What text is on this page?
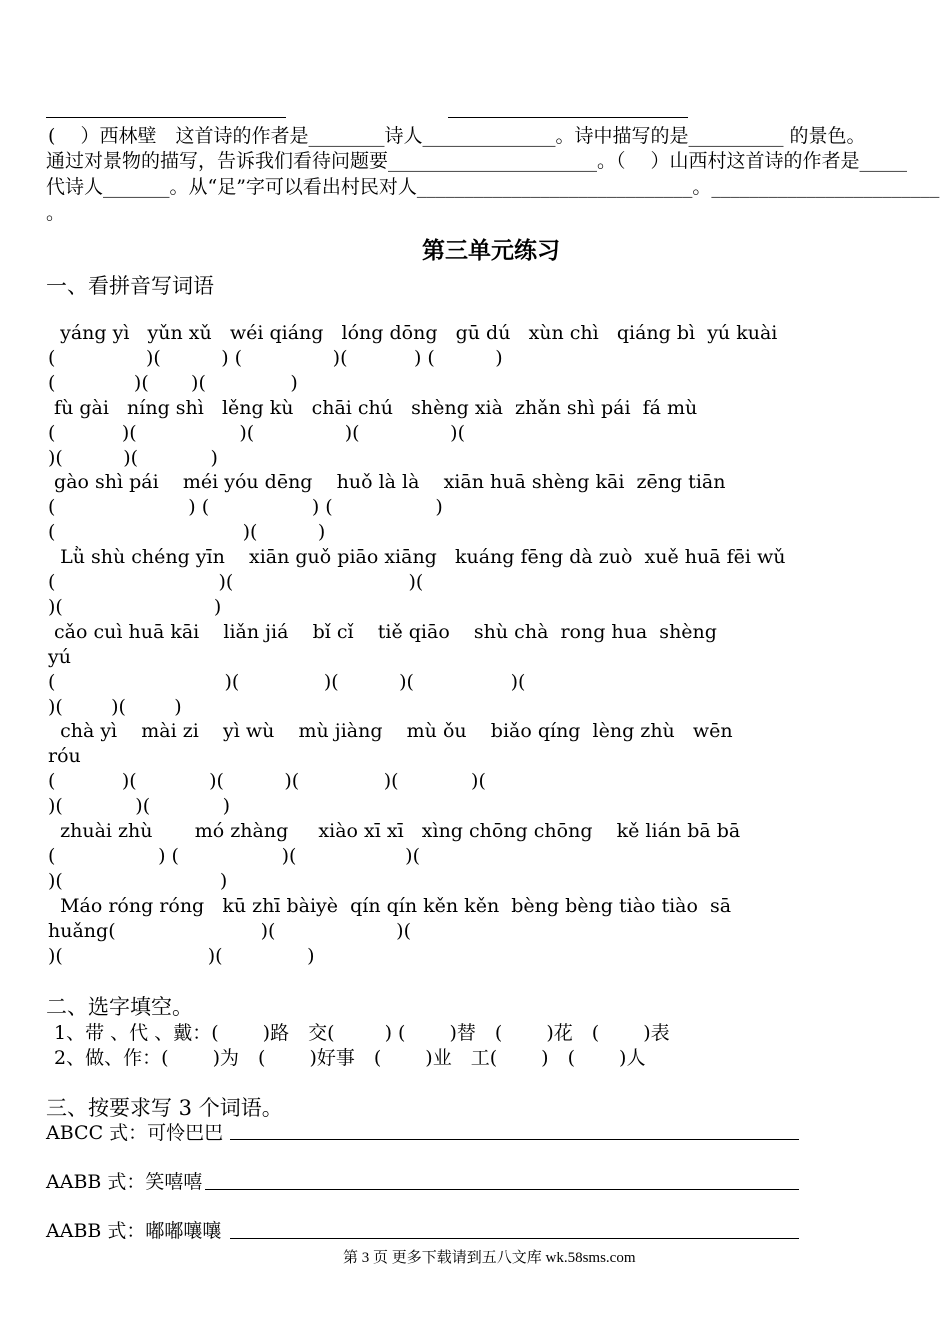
(　 ）西林壁　这首诗的作者是________诗人______________。诗中描写的是__________ 的景色。
通过对景物的描写，告诉我们看待问题要______________________。（　 ）山西村这首诗的作者是_____
代诗人_______。从“足”字可以看出村民对人_____________________________。________________________
。
第三单元练习
一、看拼音写词语
yáng yì   yǔn xǔ   wéi qiáng   lóng dōng   gū dú   xùn chì   qiáng bì  yú kuài
(               )(          ) (               )(           ) (          )
(             )(       )(              )
fù gài   níng shì   lěng kù   chāi chú   shèng xià  zhǎn shì pái  fá mù
(           )(                 )(               )(               )(
)(          )(            )
gào shì pái    méi yóu dēng    huǒ là là    xiān huā shèng kāi  zēng tiān
(                      ) (                 ) (                 )
(                               )(          )
Lǜ shù chéng yīn    xiān guǒ piāo xiāng   kuáng fēng dà zuò  xuě huā fēi wǔ
(                           )(                             )(
)(                         )
cǎo cuì huā kāi    liǎn jiá    bǐ cǐ    tiě qiāo    shù chà  rong hua  shèng
yú
(                            )(              )(          )(                )(
)(        )(        )
chà yì    mài zi    yì wù    mù jiàng    mù ǒu    biǎo qíng  lèng zhù   wēn
róu
(           )(            )(          )(              )(            )(
)(            )(            )
zhuài zhù       mó zhàng     xiào xī xī   xìng chōng chōng    kě lián bā bā
(                 ) (                 )(                  )(
)(                          )
Máo róng róng   kū zhī bàiyè  qín qín kěn kěn  bèng bèng tiào tiào  sā
huǎng(                        )(                    )(
)(                        )(              )
二、选字填空。
1、带 、代 、戴：(　　 )路　交(　 　 ) (　　 )替　(　　 )花　(　　 )表
2、做、作：(　　 )为　(　　 )好事　(　　 )业　工(　　 )　(　　 )人
三、按要求写 3 个词语。
ABCC 式：可怜巴巴
AABB 式：笑嘻嘻
AABB 式：嘟嘟嚷嚷
第 3 页 更多下载请到五八文库 wk.58sms.com
